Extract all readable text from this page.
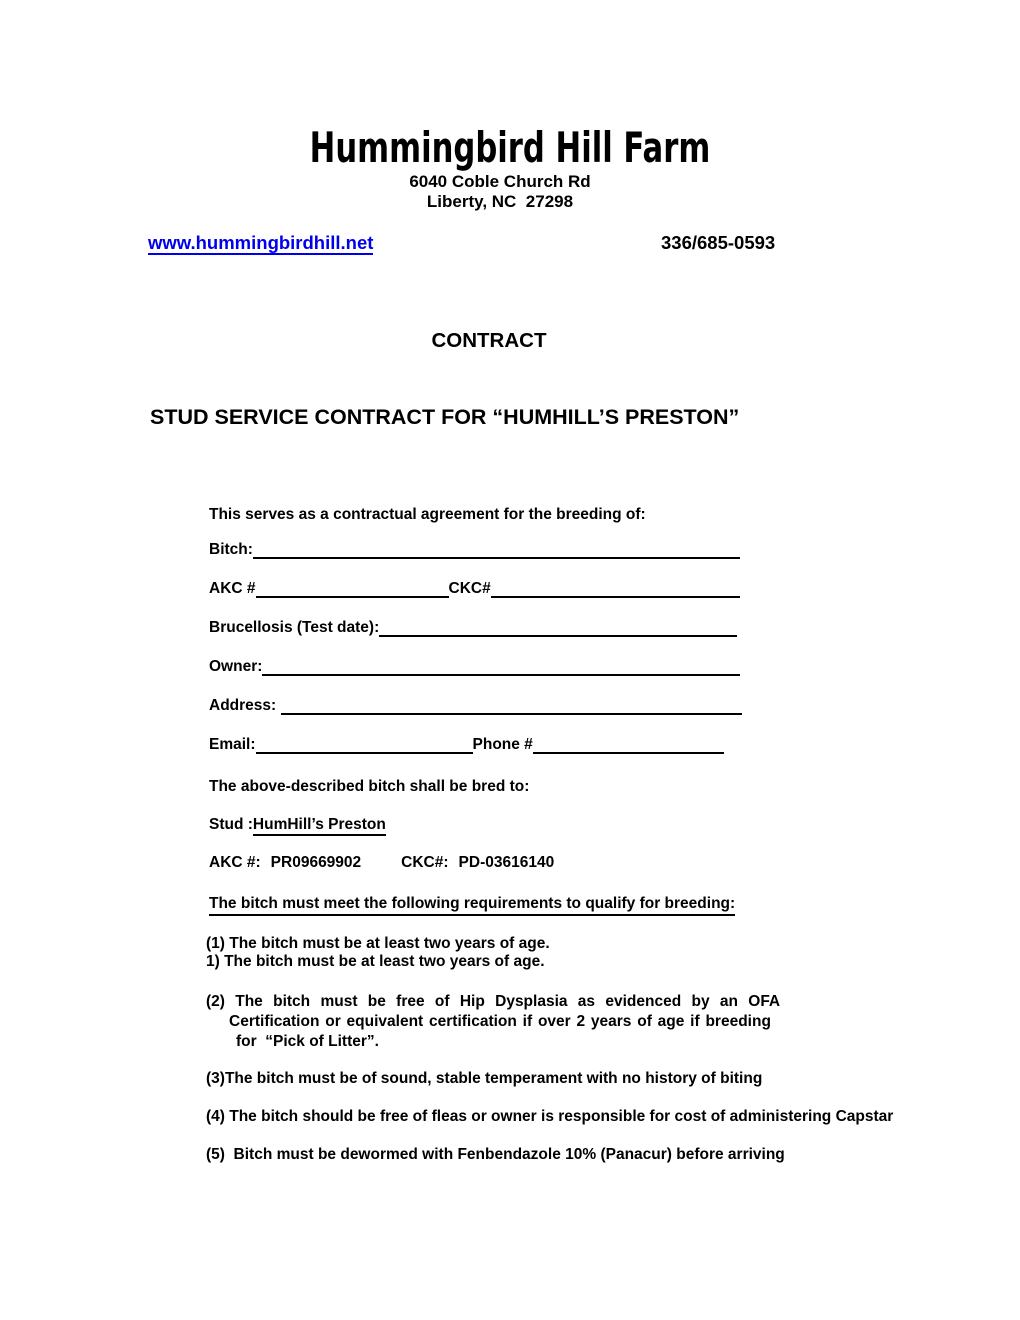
Hummingbird Hill Farm
6040 Coble Church Rd
Liberty, NC  27298
www.hummingbirdhill.net	336/685-0593
CONTRACT
STUD SERVICE CONTRACT FOR “HUMHILL’S PRESTON”
This serves as a contractual agreement for the breeding of:
Bitch:
AKC #	CKC#
Brucellosis (Test date):
Owner:
Address:
Email:	Phone #
The above-described bitch shall be bred to:
Stud : HumHill’s Preston
AKC #: PR09669902	CKC#: PD-03616140
The bitch must meet the following requirements to qualify for breeding:
(1) The bitch must be at least two years of age.
1) The bitch must be at least two years of age.
(2) The bitch must be free of Hip Dysplasia as evidenced by an OFA
Certification or equivalent certification if over 2 years of age if breeding
for  “Pick of Litter”.
(3)The bitch must be of sound, stable temperament with no history of biting
(4) The bitch should be free of fleas or owner is responsible for cost of administering Capstar
(5)  Bitch must be dewormed with Fenbendazole 10% (Panacur) before arriving
